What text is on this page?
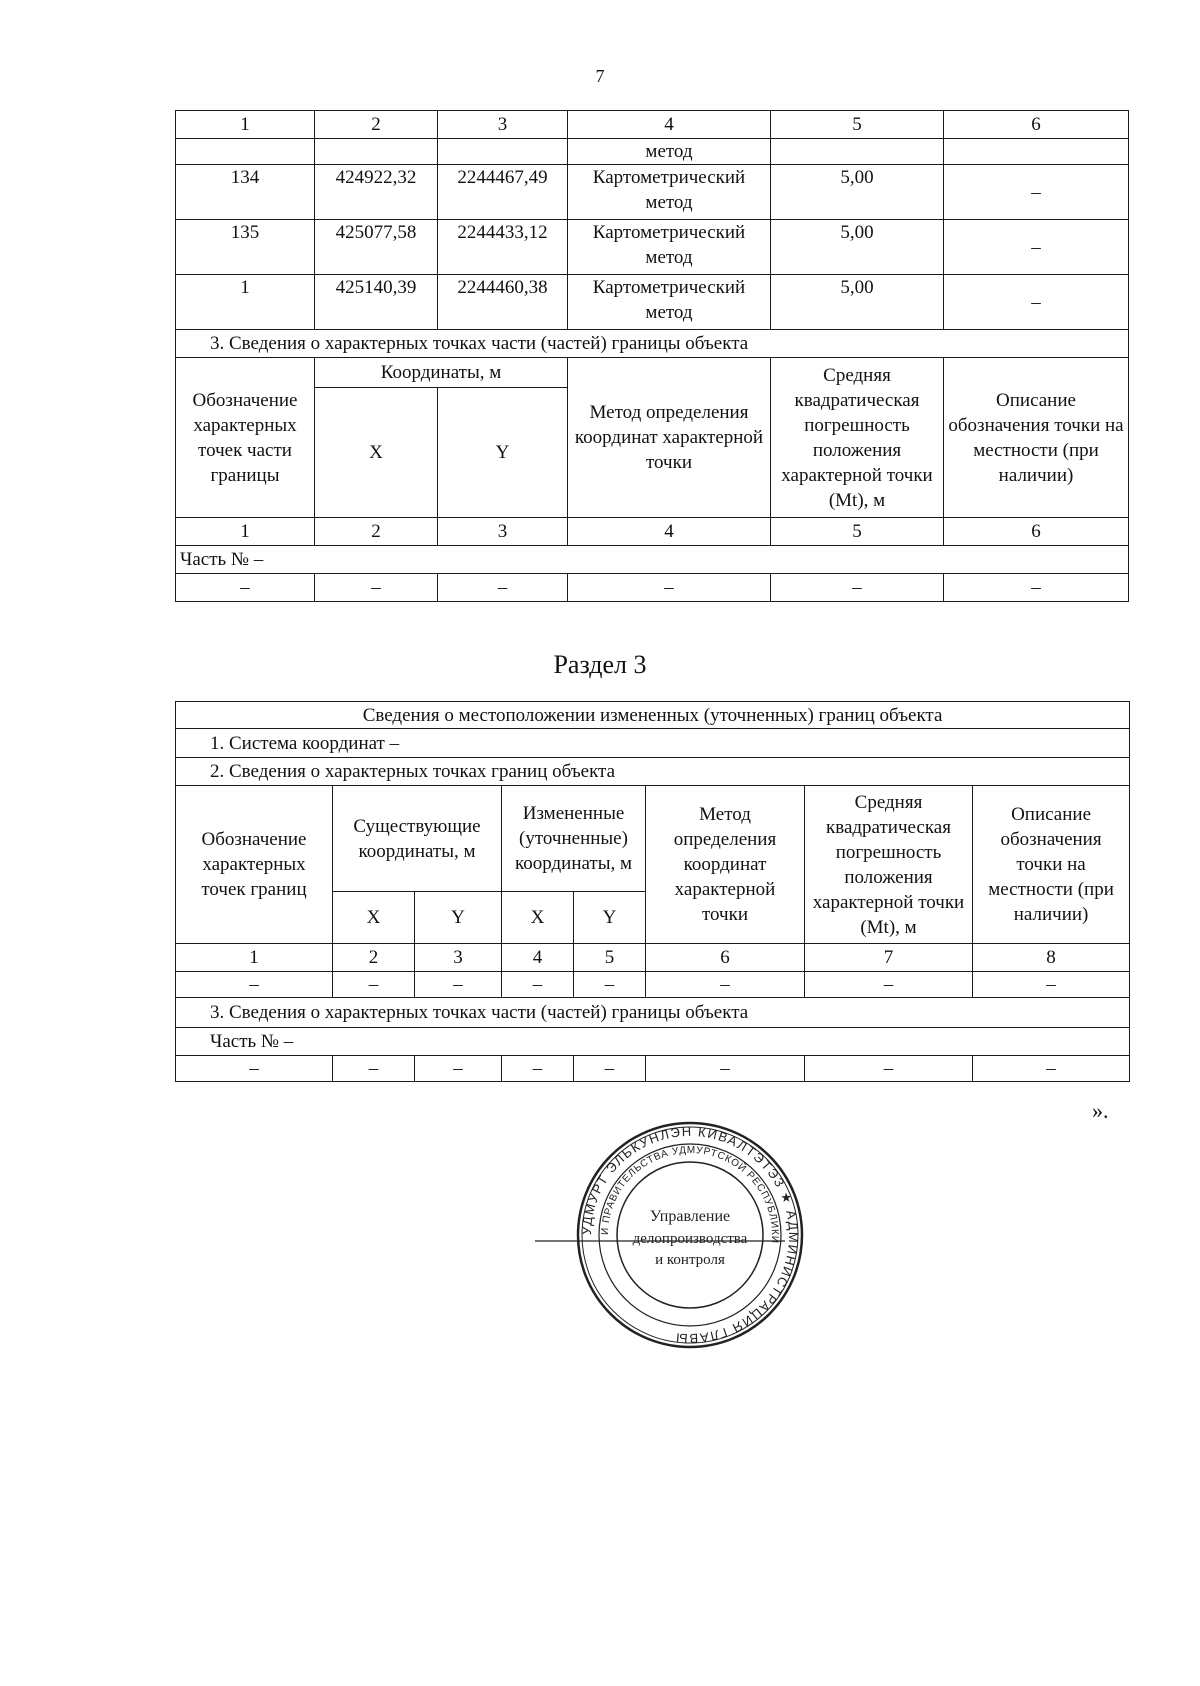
7
1	2	3	4	5	6
			метод		
134	424922,32	2244467,49	Картометрический метод	5,00	–
135	425077,58	2244433,12	Картометрический метод	5,00	–
1	425140,39	2244460,38	Картометрический метод	5,00	–
3. Сведения о характерных точках части (частей) границы объекта					
Обозначение характерных точек части границы	Координаты, м		Метод определения координат характерной точки	Средняя квадратическая погрешность положения характерной точки (Mt), м	Описание обозначения точки на местности (при наличии)
	X	Y			
1	2	3	4	5	6
Часть № –					
–	–	–	–	–	–
Раздел 3
Сведения о местоположении измененных (уточненных) границ объекта							
1. Система координат –							
2. Сведения о характерных точках границ объекта							
Обозначение характерных точек границ	Существующие координаты, м		Измененные (уточненные) координаты, м		Метод определения координат характерной точки	Средняя квадратическая погрешность положения характерной точки (Mt), м	Описание обозначения точки на местности (при наличии)
	X	Y	X	Y			
1	2	3	4	5	6	7	8
–	–	–	–	–	–	–	–
3. Сведения о характерных точках части (частей) границы объекта							
Часть № –							
–	–	–	–	–	–	–	–
».
УДМУРТ ЭЛЬКУНЛЭН КИВАЛТЭТЭЗ ★ АДМИНИСТРАЦИЯ ГЛАВЫ
И ПРАВИТЕЛЬСТВА УДМУРТСКОЙ РЕСПУБЛИКИ
Управление
делопроизводства
и контроля
